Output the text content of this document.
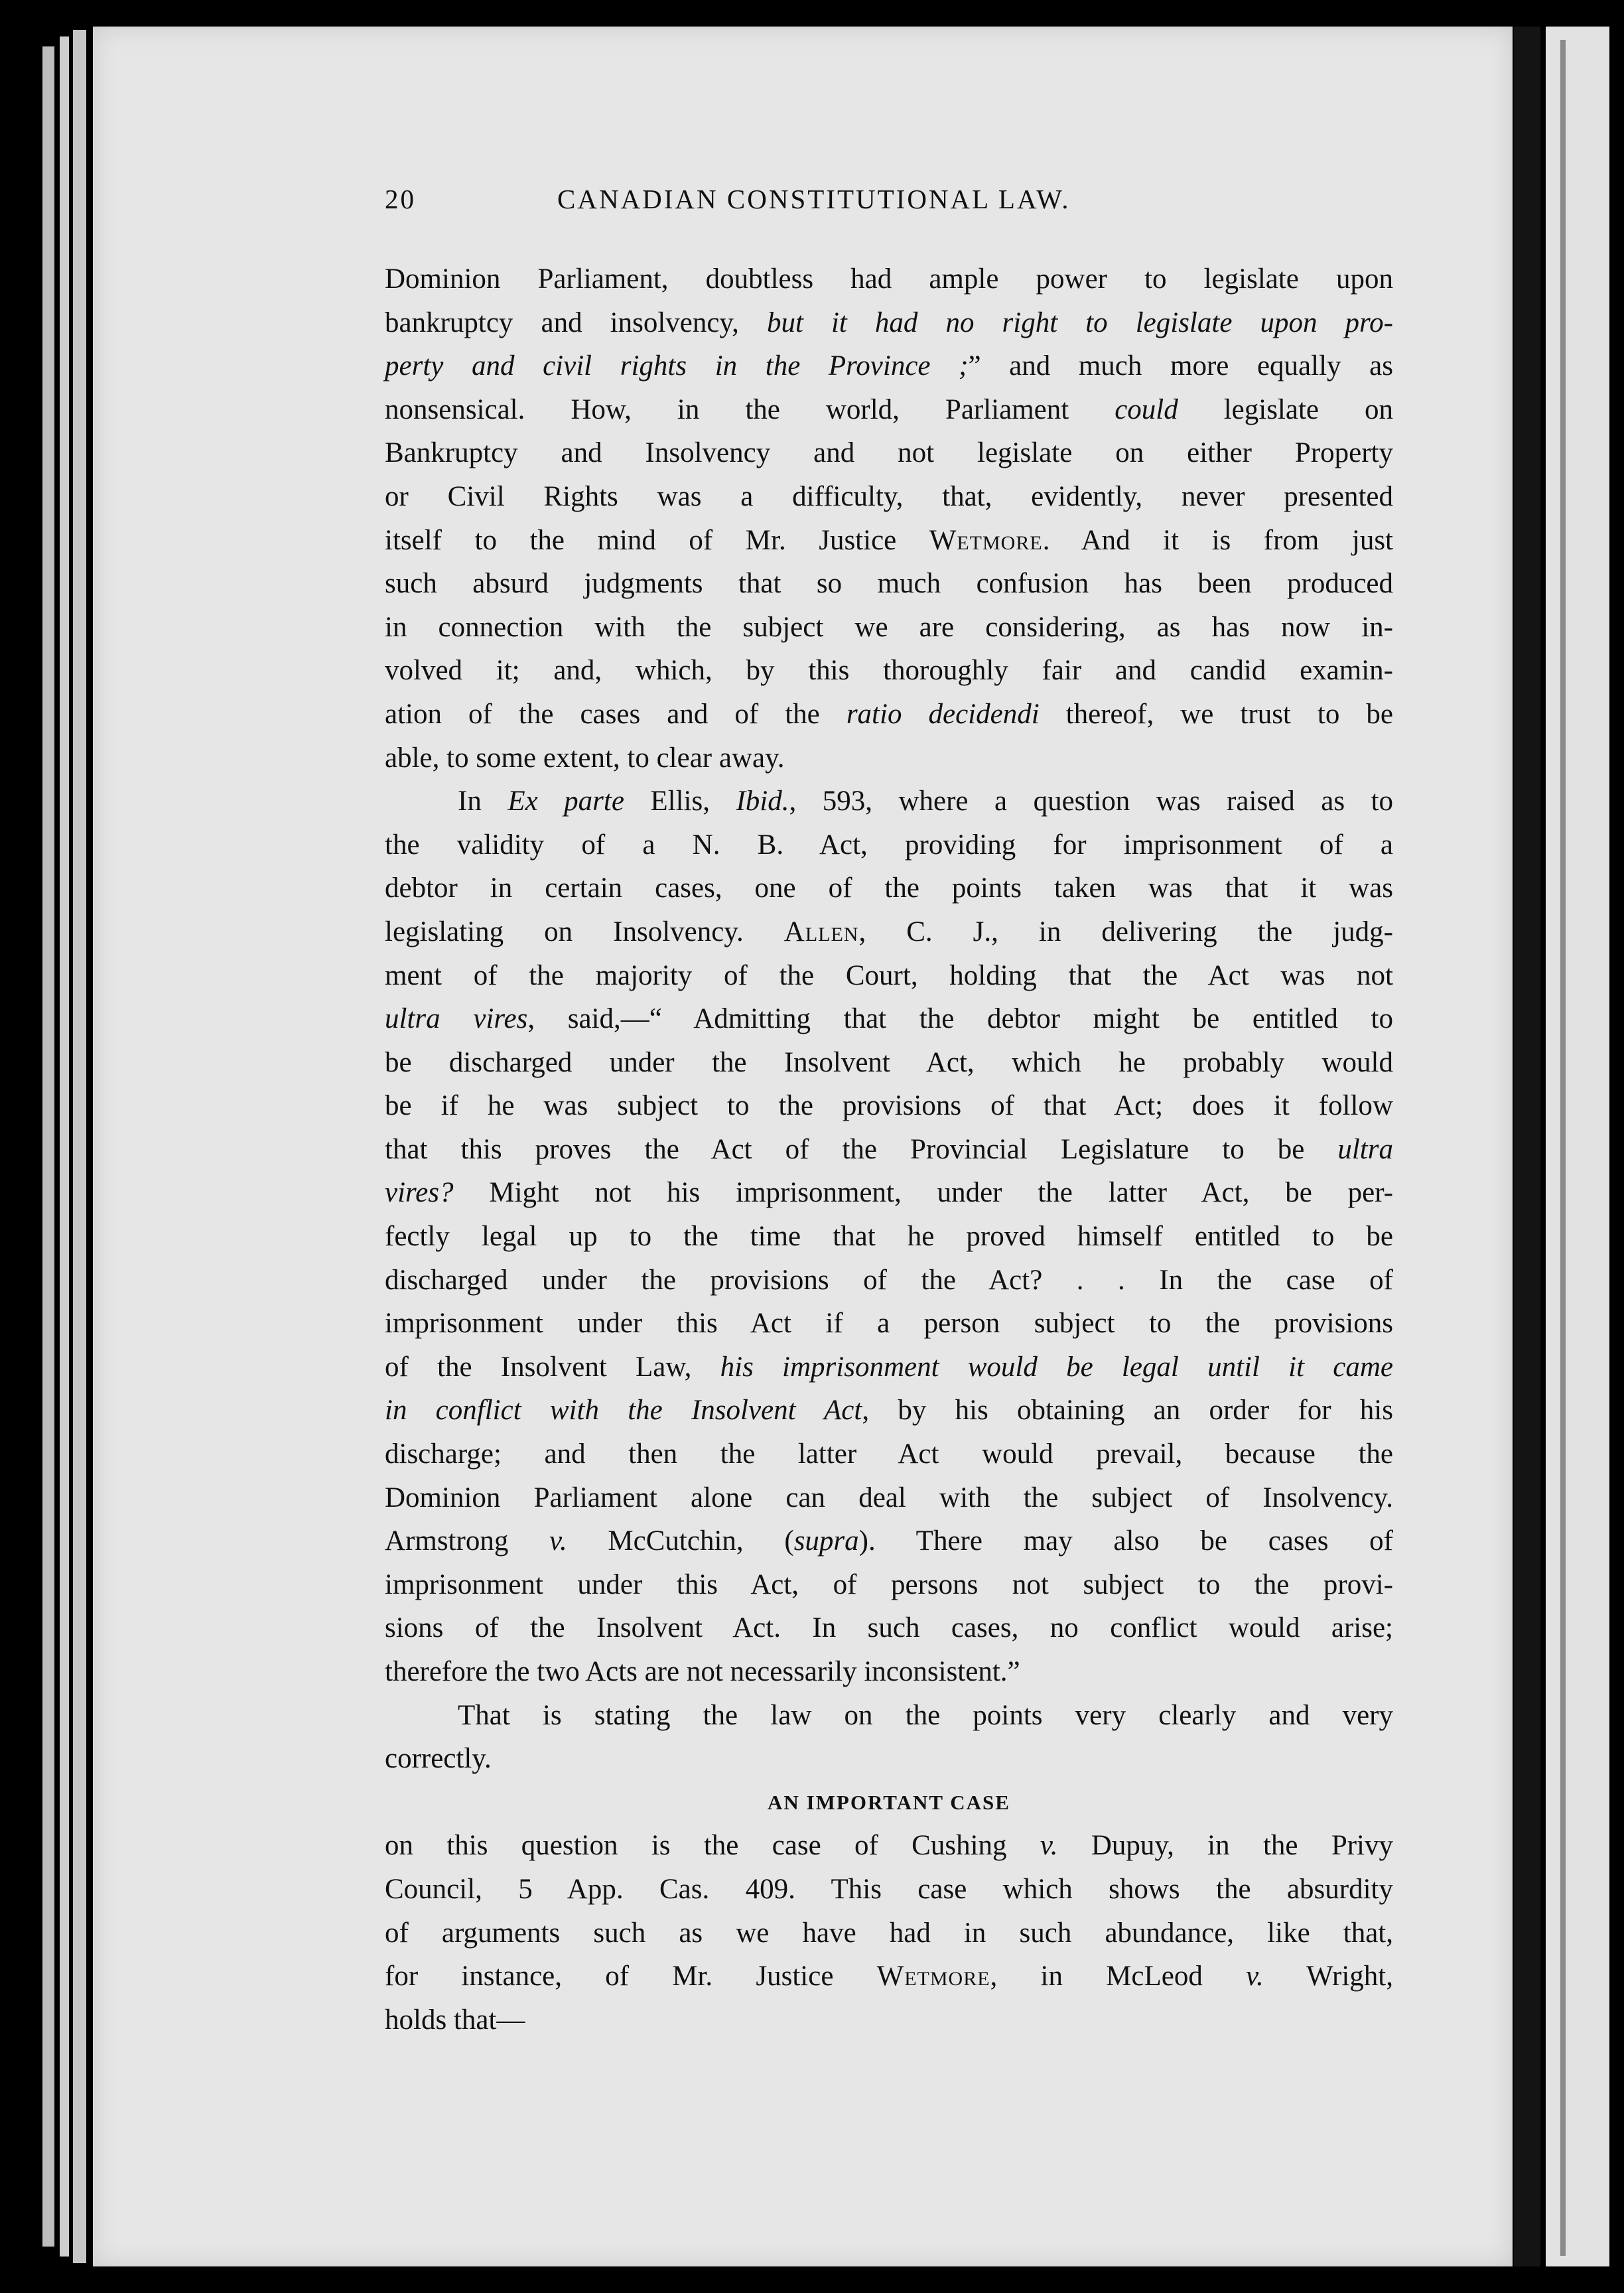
20	CANADIAN CONSTITUTIONAL LAW.
Dominion Parliament, doubtless had ample power to legislate upon
bankruptcy and insolvency, but it had no right to legislate upon pro-
perty and civil rights in the Province ;” and much more equally as
nonsensical. How, in the world, Parliament could legislate on
Bankruptcy and Insolvency and not legislate on either Property
or Civil Rights was a difficulty, that, evidently, never presented
itself to the mind of Mr. Justice Wetmore. And it is from just
such absurd judgments that so much confusion has been produced
in connection with the subject we are considering, as has now in-
volved it; and, which, by this thoroughly fair and candid examin-
ation of the cases and of the ratio decidendi thereof, we trust to be
able, to some extent, to clear away.
In Ex parte Ellis, Ibid., 593, where a question was raised as to
the validity of a N. B. Act, providing for imprisonment of a
debtor in certain cases, one of the points taken was that it was
legislating on Insolvency. Allen, C. J., in delivering the judg-
ment of the majority of the Court, holding that the Act was not
ultra vires, said,—“ Admitting that the debtor might be entitled to
be discharged under the Insolvent Act, which he probably would
be if he was subject to the provisions of that Act; does it follow
that this proves the Act of the Provincial Legislature to be ultra
vires? Might not his imprisonment, under the latter Act, be per-
fectly legal up to the time that he proved himself entitled to be
discharged under the provisions of the Act? . . In the case of
imprisonment under this Act if a person subject to the provisions
of the Insolvent Law, his imprisonment would be legal until it came
in conflict with the Insolvent Act, by his obtaining an order for his
discharge; and then the latter Act would prevail, because the
Dominion Parliament alone can deal with the subject of Insolvency.
Armstrong v. McCutchin, (supra). There may also be cases of
imprisonment under this Act, of persons not subject to the provi-
sions of the Insolvent Act. In such cases, no conflict would arise;
therefore the two Acts are not necessarily inconsistent.”
That is stating the law on the points very clearly and very
correctly.
AN IMPORTANT CASE
on this question is the case of Cushing v. Dupuy, in the Privy
Council, 5 App. Cas. 409. This case which shows the absurdity
of arguments such as we have had in such abundance, like that,
for instance, of Mr. Justice Wetmore, in McLeod v. Wright,
holds that—
